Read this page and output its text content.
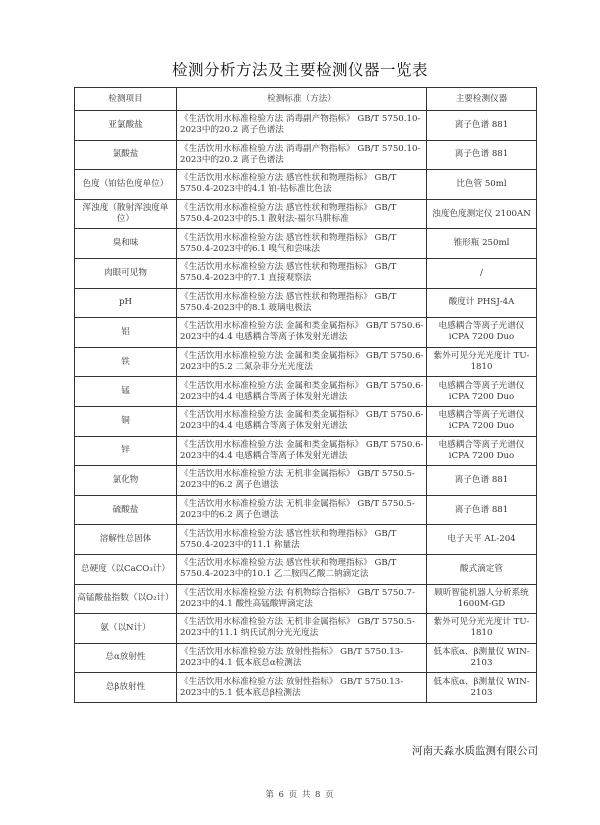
检测分析方法及主要检测仪器一览表
检测项目	检测标准（方法）	主要检测仪器
亚氯酸盐	《生活饮用水标准检验方法 消毒副产物指标》 GB/T 5750.10-2023中的20.2 离子色谱法	离子色谱 881
氯酸盐	《生活饮用水标准检验方法 消毒副产物指标》 GB/T 5750.10-2023中的20.2 离子色谱法	离子色谱 881
色度（铂钴色度单位）	《生活饮用水标准检验方法 感官性状和物理指标》 GB/T 5750.4-2023中的4.1 铂-钴标准比色法	比色管 50ml
浑浊度（散射浑浊度单位）	《生活饮用水标准检验方法 感官性状和物理指标》 GB/T 5750.4-2023中的5.1 散射法-福尔马肼标准	浊度色度测定仪 2100AN
臭和味	《生活饮用水标准检验方法 感官性状和物理指标》 GB/T 5750.4-2023中的6.1 嗅气和尝味法	锥形瓶 250ml
肉眼可见物	《生活饮用水标准检验方法 感官性状和物理指标》 GB/T 5750.4-2023中的7.1 直接观察法	/
pH	《生活饮用水标准检验方法 感官性状和物理指标》 GB/T 5750.4-2023中的8.1 玻璃电极法	酸度计 PHSJ-4A
铝	《生活饮用水标准检验方法 金属和类金属指标》 GB/T 5750.6-2023中的4.4 电感耦合等离子体发射光谱法	电感耦合等离子光谱仪 iCPA 7200 Duo
铁	《生活饮用水标准检验方法 金属和类金属指标》 GB/T 5750.6-2023中的5.2 二氮杂菲分光光度法	紫外可见分光光度计 TU-1810
锰	《生活饮用水标准检验方法 金属和类金属指标》 GB/T 5750.6-2023中的4.4 电感耦合等离子体发射光谱法	电感耦合等离子光谱仪 iCPA 7200 Duo
铜	《生活饮用水标准检验方法 金属和类金属指标》 GB/T 5750.6-2023中的4.4 电感耦合等离子体发射光谱法	电感耦合等离子光谱仪 iCPA 7200 Duo
锌	《生活饮用水标准检验方法 金属和类金属指标》 GB/T 5750.6-2023中的4.4 电感耦合等离子体发射光谱法	电感耦合等离子光谱仪 iCPA 7200 Duo
氯化物	《生活饮用水标准检验方法 无机非金属指标》 GB/T 5750.5-2023中的6.2 离子色谱法	离子色谱 881
硫酸盐	《生活饮用水标准检验方法 无机非金属指标》 GB/T 5750.5-2023中的6.2 离子色谱法	离子色谱 881
溶解性总固体	《生活饮用水标准检验方法 感官性状和物理指标》 GB/T 5750.4-2023中的11.1 称量法	电子天平 AL-204
总硬度（以CaCO₃计）	《生活饮用水标准检验方法 感官性状和物理指标》 GB/T 5750.4-2023中的10.1 乙二胺四乙酸二钠滴定法	酸式滴定管
高锰酸盐指数（以O₂计）	《生活饮用水标准检验方法 有机物综合指标》 GB/T 5750.7-2023中的4.1 酸性高锰酸钾滴定法	顾昕智能机器人分析系统 1600M-GD
氨（以N计）	《生活饮用水标准检验方法 无机非金属指标》 GB/T 5750.5-2023中的11.1 纳氏试剂分光光度法	紫外可见分光光度计 TU-1810
总α放射性	《生活饮用水标准检验方法 放射性指标》 GB/T 5750.13-2023中的4.1 低本底总α检测法	低本底α、β测量仪 WIN-2103
总β放射性	《生活饮用水标准检验方法 放射性指标》 GB/T 5750.13-2023中的5.1 低本底总β检测法	低本底α、β测量仪 WIN-2103
河南天淼水质监测有限公司
第 6 页 共 8 页
